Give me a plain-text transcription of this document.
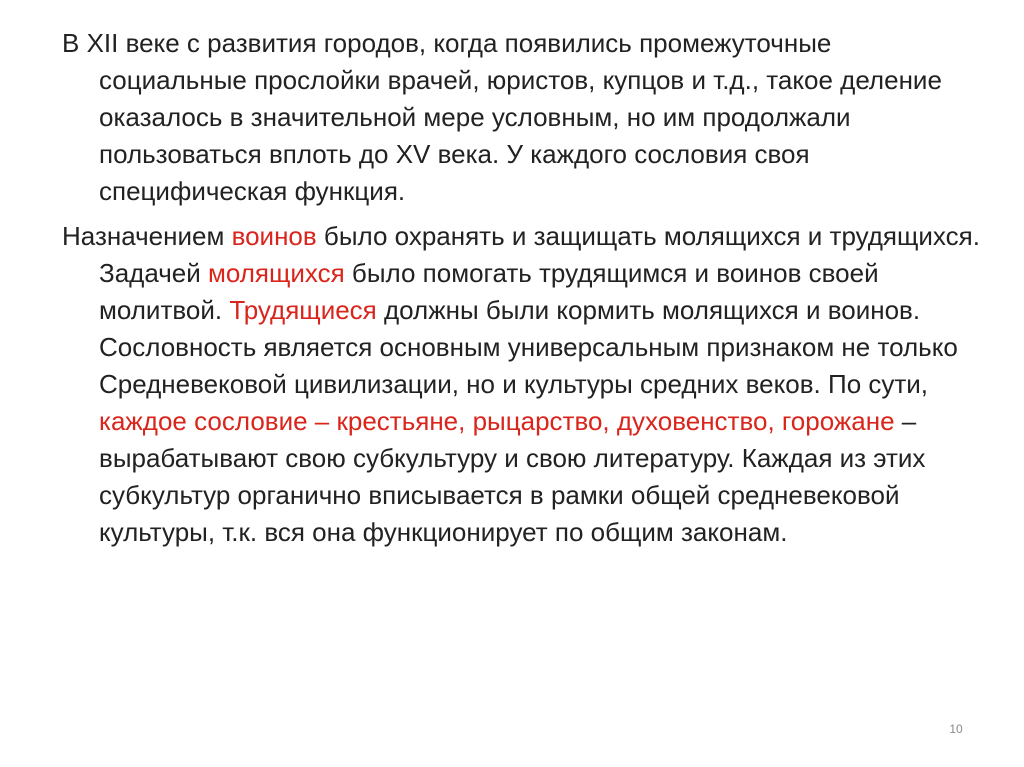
В XII веке с развития городов, когда появились промежуточные социальные прослойки врачей, юристов, купцов и т.д., такое деление оказалось в значительной мере условным, но им продолжали пользоваться вплоть до XV века. У каждого сословия своя специфическая функция.

Назначением воинов было охранять и защищать молящихся и трудящихся. Задачей молящихся было помогать трудящимся и воинов своей молитвой. Трудящиеся должны были кормить молящихся и воинов.
Сословность является основным универсальным признаком не только Средневековой цивилизации, но и культуры средних веков. По сути, каждое сословие – крестьяне, рыцарство, духовенство, горожане – вырабатывают свою субкультуру и свою литературу. Каждая из этих субкультур органично вписывается в рамки общей средневековой культуры, т.к. вся она функционирует по общим законам.

10
